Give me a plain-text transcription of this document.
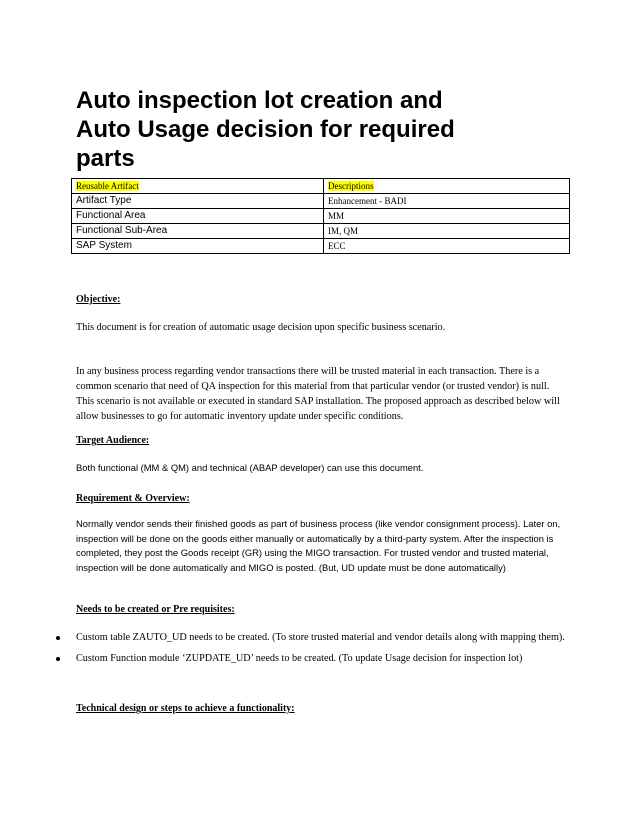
Auto inspection lot creation and
Auto Usage decision for required
parts
Reusable Artifact	Descriptions
Artifact Type	Enhancement - BADI
Functional Area	MM
Functional Sub-Area	IM, QM
SAP System	ECC

Objective:

This document is for creation of automatic usage decision upon specific business scenario.

In any business process regarding vendor transactions there will be trusted material in each transaction. There is a common scenario that need of QA inspection for this material from that particular vendor (or trusted vendor) is null. This scenario is not available or executed in standard SAP installation. The proposed approach as described below will allow businesses to go for automatic inventory update under specific conditions.

Target Audience:

Both functional (MM & QM) and technical (ABAP developer) can use this document.

Requirement & Overview:

Normally vendor sends their finished goods as part of business process (like vendor consignment process). Later on, inspection will be done on the goods either manually or automatically by a third-party system. After the inspection is completed, they post the Goods receipt (GR) using the MIGO transaction. For trusted vendor and trusted material, inspection will be done automatically and MIGO is posted. (But, UD update must be done automatically)

Needs to be created or Pre requisites:

Custom table ZAUTO_UD needs to be created. (To store trusted material and vendor details along with mapping them).
Custom Function module ‘ZUPDATE_UD’ needs to be created. (To update Usage decision for inspection lot)

Technical design or steps to achieve a functionality:
